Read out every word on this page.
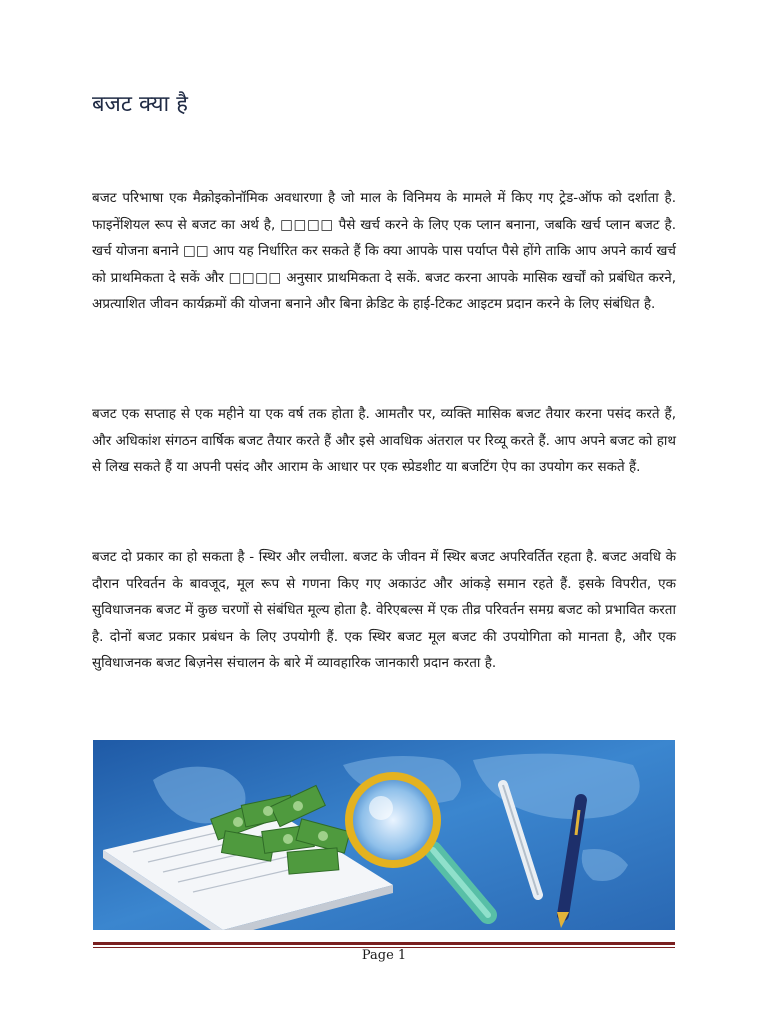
बजट क्या है

बजट परिभाषा एक मैक्रोइकोनॉमिक अवधारणा है जो माल के विनिमय के मामले में किए गए ट्रेड-ऑफ को दर्शाता है. फाइनेंशियल रूप से बजट का अर्थ है, □□□□ पैसे खर्च करने के लिए एक प्लान बनाना, जबकि खर्च प्लान बजट है. खर्च योजना बनाने □□ आप यह निर्धारित कर सकते हैं कि क्या आपके पास पर्याप्त पैसे होंगे ताकि आप अपने कार्य खर्च को प्राथमिकता दे सकें और □□□□ अनुसार प्राथमिकता दे सकें. बजट करना आपके मासिक खर्चों को प्रबंधित करने, अप्रत्याशित जीवन कार्यक्रमों की योजना बनाने और बिना क्रेडिट के हाई-टिकट आइटम प्रदान करने के लिए संबंधित है.

बजट एक सप्ताह से एक महीने या एक वर्ष तक होता है. आमतौर पर, व्यक्ति मासिक बजट तैयार करना पसंद करते हैं, और अधिकांश संगठन वार्षिक बजट तैयार करते हैं और इसे आवधिक अंतराल पर रिव्यू करते हैं. आप अपने बजट को हाथ से लिख सकते हैं या अपनी पसंद और आराम के आधार पर एक स्प्रेडशीट या बजटिंग ऐप का उपयोग कर सकते हैं.

बजट दो प्रकार का हो सकता है - स्थिर और लचीला. बजट के जीवन में स्थिर बजट अपरिवर्तित रहता है. बजट अवधि के दौरान परिवर्तन के बावजूद, मूल रूप से गणना किए गए अकाउंट और आंकड़े समान रहते हैं. इसके विपरीत, एक सुविधाजनक बजट में कुछ चरणों से संबंधित मूल्य होता है. वेरिएबल्स में एक तीव्र परिवर्तन समग्र बजट को प्रभावित करता है. दोनों बजट प्रकार प्रबंधन के लिए उपयोगी हैं. एक स्थिर बजट मूल बजट की उपयोगिता को मानता है, और एक सुविधाजनक बजट बिज़नेस संचालन के बारे में व्यावहारिक जानकारी प्रदान करता है.

Page 1
